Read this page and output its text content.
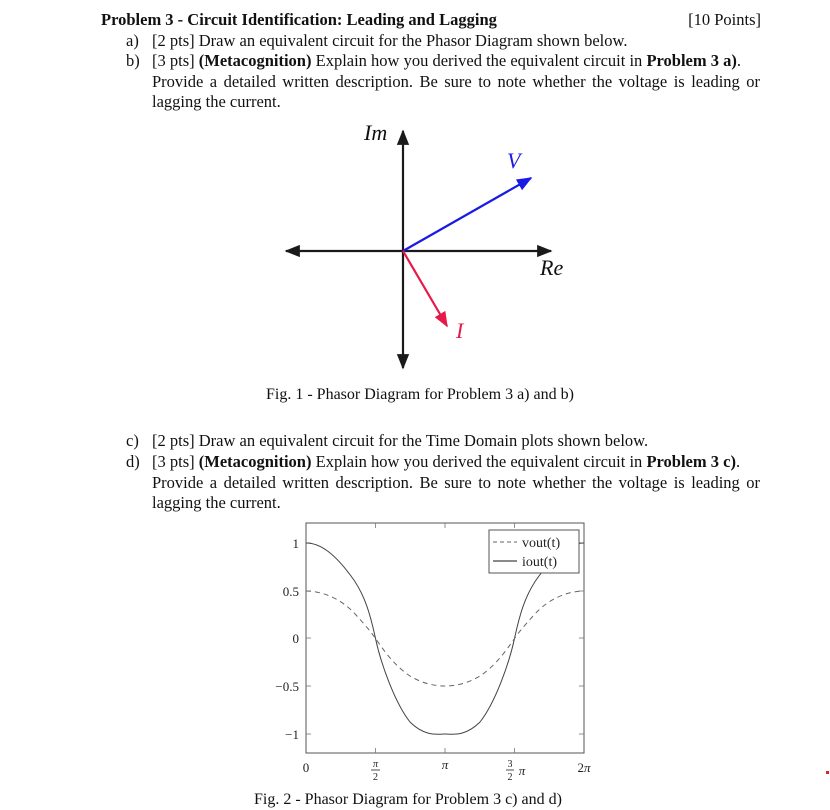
Problem 3 - Circuit Identification: Leading and Lagging	[10 Points]
a) [2 pts] Draw an equivalent circuit for the Phasor Diagram shown below.
b) [3 pts] (Metacognition) Explain how you derived the equivalent circuit in Problem 3 a).
Provide a detailed written description. Be sure to note whether the voltage is leading or
lagging the current.
Im
Re
V
I
Fig. 1 - Phasor Diagram for Problem 3 a) and b)
c) [2 pts] Draw an equivalent circuit for the Time Domain plots shown below.
d) [3 pts] (Metacognition) Explain how you derived the equivalent circuit in Problem 3 c).
Provide a detailed written description. Be sure to note whether the voltage is leading or
lagging the current.
vout(t)
iout(t)
1
0.5
0
−0.5
−1
0	π
2
π	3
2 π	2π
Fig. 2 - Phasor Diagram for Problem 3 c) and d)
